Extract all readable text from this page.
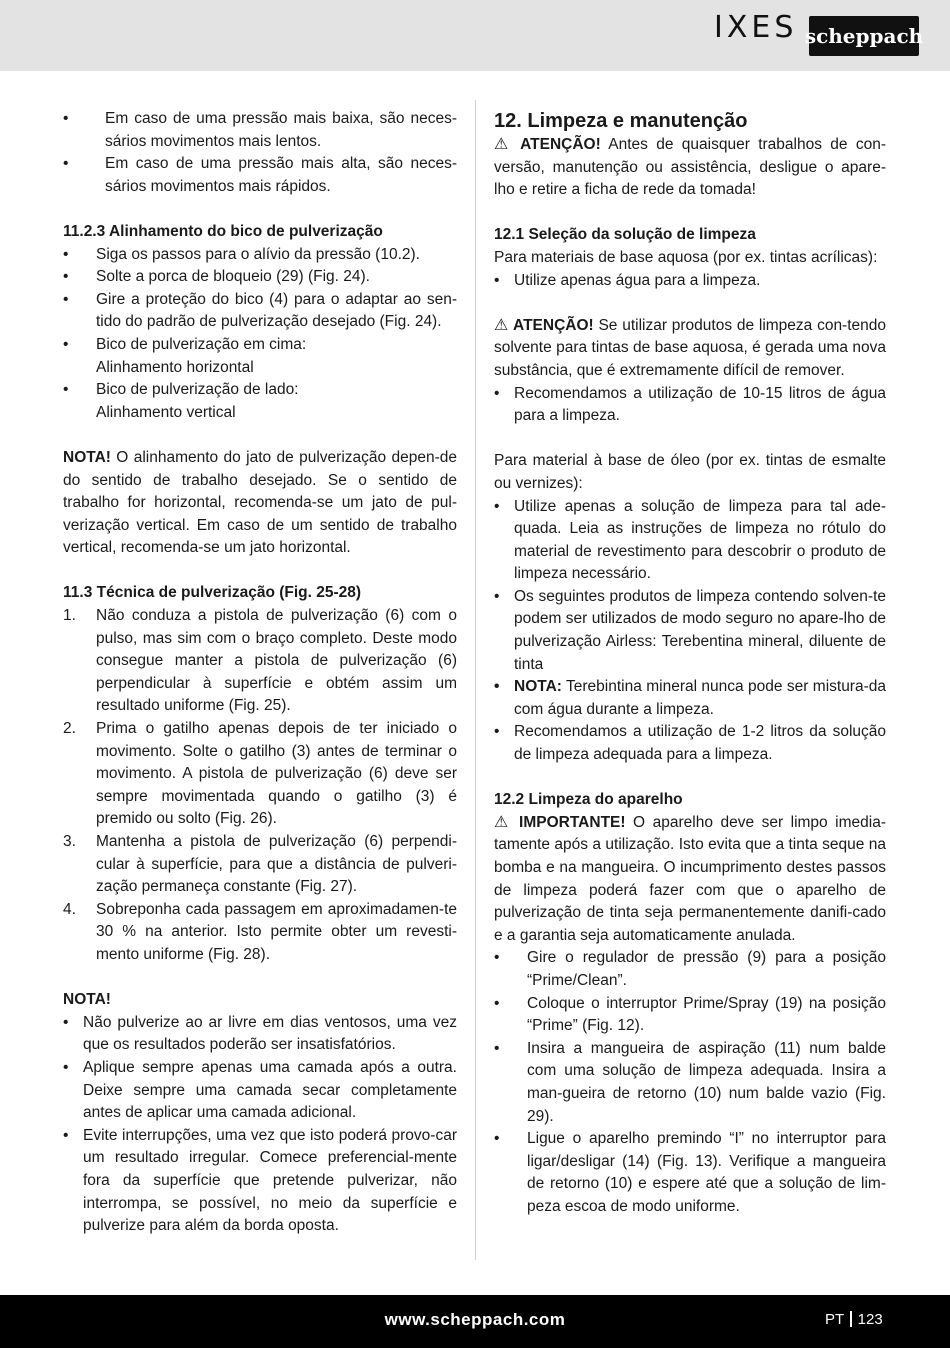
IXES scheppach
• Em caso de uma pressão mais baixa, são neces-sários movimentos mais lentos.
• Em caso de uma pressão mais alta, são neces-sários movimentos mais rápidos.

11.2.3 Alinhamento do bico de pulverização

• Siga os passos para o alívio da pressão (10.2).
• Solte a porca de bloqueio (29) (Fig. 24).
• Gire a proteção do bico (4) para o adaptar ao sen-tido do padrão de pulverização desejado (Fig. 24).
• Bico de pulverização em cima:
Alinhamento horizontal
• Bico de pulverização de lado:
Alinhamento vertical

NOTA! O alinhamento do jato de pulverização depen-de do sentido de trabalho desejado. Se o sentido de trabalho for horizontal, recomenda-se um jato de pul-verização vertical. Em caso de um sentido de trabalho vertical, recomenda-se um jato horizontal.

11.3 Técnica de pulverização (Fig. 25-28)

1. Não conduza a pistola de pulverização (6) com o pulso, mas sim com o braço completo. Deste modo consegue manter a pistola de pulverização (6) perpendicular à superfície e obtém assim um resultado uniforme (Fig. 25).
2. Prima o gatilho apenas depois de ter iniciado o movimento. Solte o gatilho (3) antes de terminar o movimento. A pistola de pulverização (6) deve ser sempre movimentada quando o gatilho (3) é premido ou solto (Fig. 26).
3. Mantenha a pistola de pulverização (6) perpendi-cular à superfície, para que a distância de pulveri-zação permaneça constante (Fig. 27).
4. Sobreponha cada passagem em aproximadamen-te 30 % na anterior. Isto permite obter um revesti-mento uniforme (Fig. 28).

NOTA!

• Não pulverize ao ar livre em dias ventosos, uma vez que os resultados poderão ser insatisfatórios.
• Aplique sempre apenas uma camada após a outra. Deixe sempre uma camada secar completamente antes de aplicar uma camada adicional.
• Evite interrupções, uma vez que isto poderá provo-car um resultado irregular. Comece preferencial-mente fora da superfície que pretende pulverizar, não interrompa, se possível, no meio da superfície e pulverize para além da borda oposta.

12. Limpeza e manutenção

⚠ ATENÇÃO! Antes de quaisquer trabalhos de con-versão, manutenção ou assistência, desligue o apare-lho e retire a ficha de rede da tomada!

12.1 Seleção da solução de limpeza

Para materiais de base aquosa (por ex. tintas acrílicas):

• Utilize apenas água para a limpeza.

⚠ ATENÇÃO! Se utilizar produtos de limpeza con-tendo solvente para tintas de base aquosa, é gerada uma nova substância, que é extremamente difícil de remover.

• Recomendamos a utilização de 10-15 litros de água para a limpeza.

Para material à base de óleo (por ex. tintas de esmalte ou vernizes):

• Utilize apenas a solução de limpeza para tal ade-quada. Leia as instruções de limpeza no rótulo do material de revestimento para descobrir o produto de limpeza necessário.
• Os seguintes produtos de limpeza contendo solven-te podem ser utilizados de modo seguro no apare-lho de pulverização Airless: Terebentina mineral, diluente de tinta
• NOTA: Terebintina mineral nunca pode ser mistura-da com água durante a limpeza.
• Recomendamos a utilização de 1-2 litros da solução de limpeza adequada para a limpeza.

12.2 Limpeza do aparelho

⚠ IMPORTANTE! O aparelho deve ser limpo imedia-tamente após a utilização. Isto evita que a tinta seque na bomba e na mangueira. O incumprimento destes passos de limpeza poderá fazer com que o aparelho de pulverização de tinta seja permanentemente danifi-cado e a garantia seja automaticamente anulada.

• Gire o regulador de pressão (9) para a posição “Prime/Clean”.
• Coloque o interruptor Prime/Spray (19) na posição “Prime” (Fig. 12).
• Insira a mangueira de aspiração (11) num balde com uma solução de limpeza adequada. Insira a man-gueira de retorno (10) num balde vazio (Fig. 29).
• Ligue o aparelho premindo “I” no interruptor para ligar/desligar (14) (Fig. 13). Verifique a mangueira de retorno (10) e espere até que a solução de lim-peza escoa de modo uniforme.
www.scheppach.com	PT 123
